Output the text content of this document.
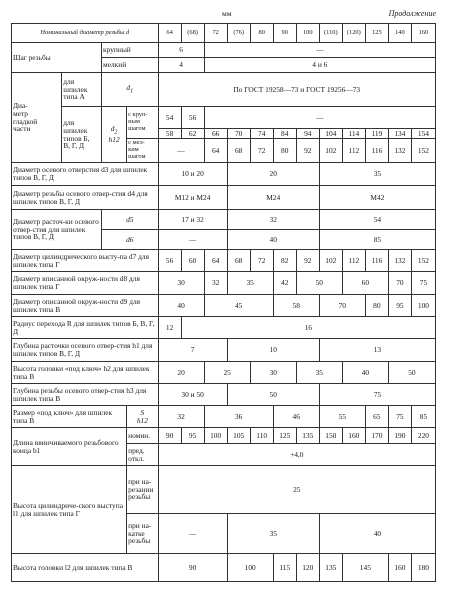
мм	Продолжение
Номинальный диаметр резьбы d				64	(68)	72	(76)	80	90	100	(110)	(120)	125	140	160
Шаг резьбы		крупный		6		—									
		мелкий		4		4 и 6									
Диа-
метр
гладкой
части	для
шпилек
типа А	$d_1$		По ГОСТ 19258—73 и ГОСТ 19256—73											
	для
шпилек
типов Б,
В, Г, Д	$d_2$
h12	с круп-
ным
шагом	54	56	—									
				58	62	66	70	74	84	94	104	114	119	134	154
			с мел-
ким
шагом	—		64	68	72	80	92	102	112	116	132	152

Диаметр осевого отверстия d3 для шпилек типов В, Г, Д				10 и 20			20				35				
Диаметр резьбы осевого отвер-стия d4 для шпилек типов В, Г, Д				М12 и М24			М24				М42				
Диаметр расточ-ки осевого отвер-стия для шпилек типов В, Г, Д		d5		17 и 32			32				54				
		d6		—			40				85				
Диаметр цилиндрического высту-па d7 для шпилек типа Г				56	60	64	68	72	82	92	102	112	116	132	152
Диаметр вписанной окруж-ности d8 для шпилек типа Г				30		32	35		42	50		60		70	75
Диаметр описанной окруж-ности d9 для шпилек типа В				40		45			58		70		80	95	100
Радиус перехода R для шпилек типов Б, В, Г, Д				12	16										
Глубина расточки осевого отвер-стия h1 для шпилек типов В, Г, Д				7			10				13				
Высота головки «под ключ» h2 для шпилек типа В				20		25		30		35		40		50	
Глубина резьбы осевого отвер-стия h3 для шпилек типа В				30 и 50			50				75				
Размер «под ключ» для шпилек типа В			S
h12	32		36			46		55		65	75	85
Длина ввинчиваемого резьбового конца b1			номин.	90	95	100	105	110	125	135	150	160	170	190	220
			пред. откл.	+4,0											
Высота цилиндриче-ского выступа l1 для шпилек типа Г			при на-
резании
резьбы	25											
			при на-
катке
резьбы	—			35				40				
Высота головки l2 для шпилек типа В				90			100		115	120	135	145		160	180
